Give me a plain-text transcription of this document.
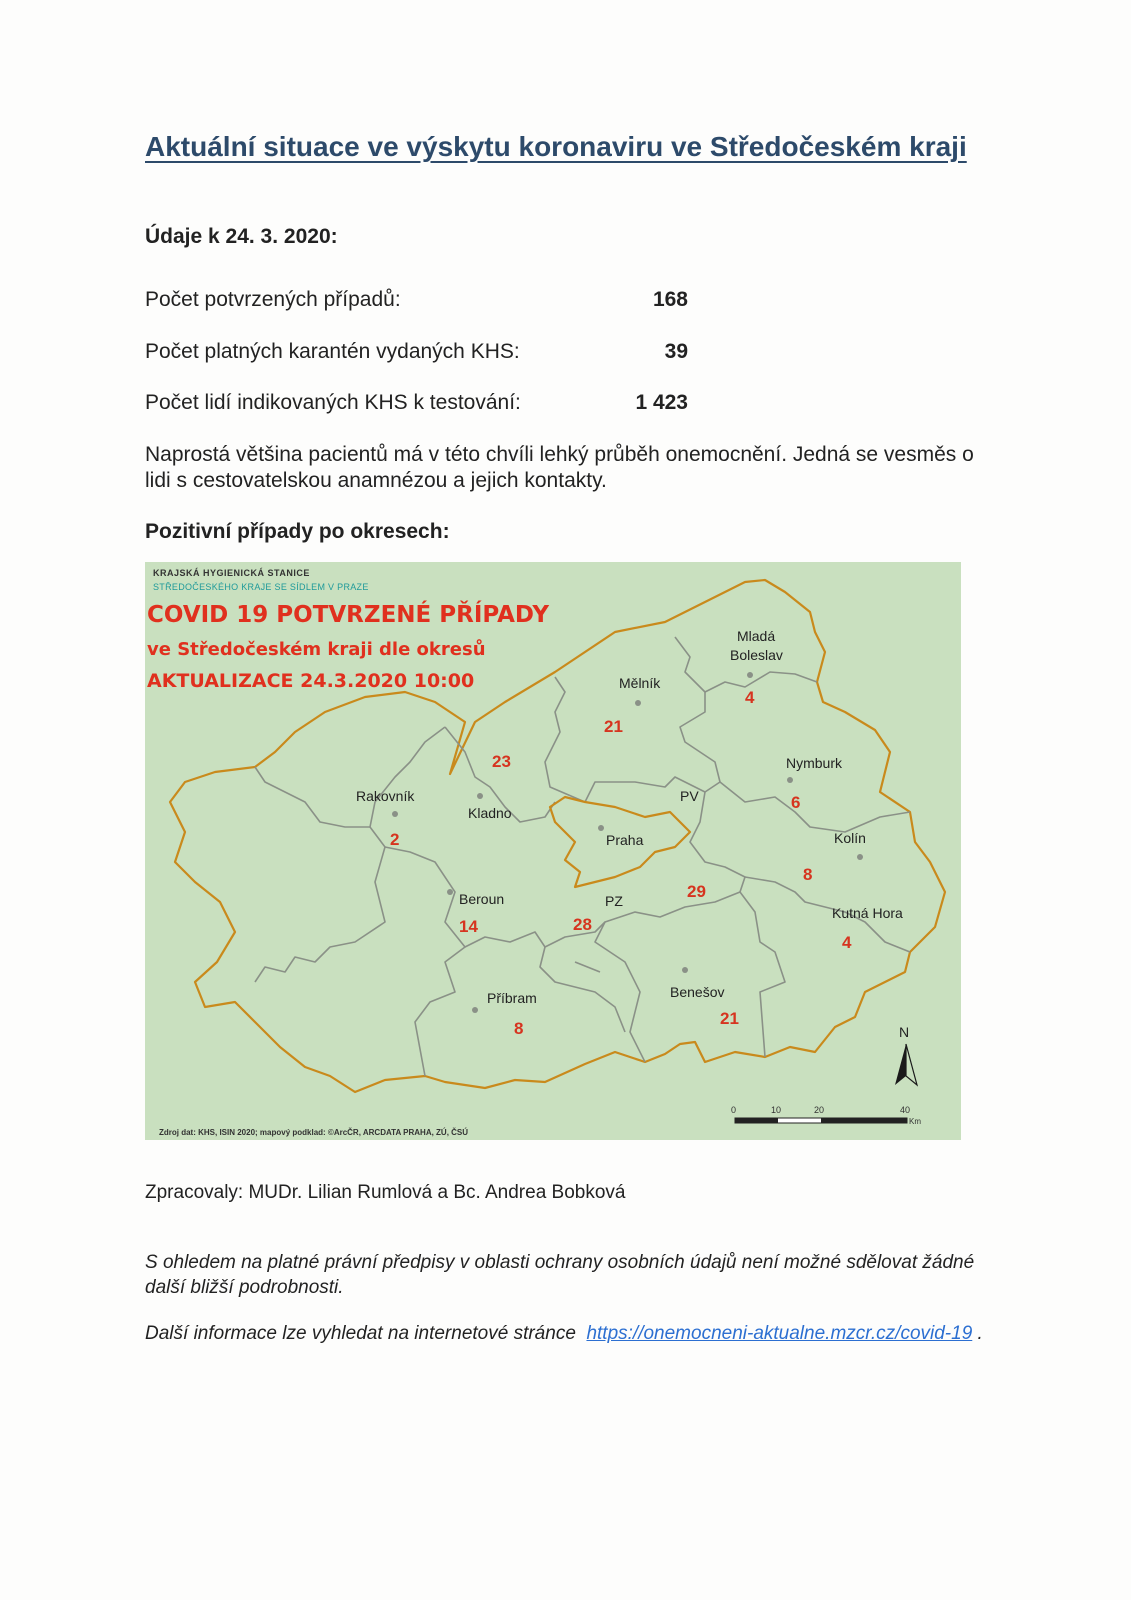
Aktuální situace ve výskytu koronaviru ve Středočeském kraji
Údaje k 24. 3. 2020:
Počet potvrzených případů:	168
Počet platných karantén vydaných KHS:	39
Počet lidí indikovaných KHS k testování:	1 423
Naprostá většina pacientů má v této chvíli lehký průběh onemocnění. Jedná se vesměs o lidi s cestovatelskou anamnézou a jejich kontakty.
Pozitivní případy po okresech:
KRAJSKÁ HYGIENICKÁ STANICE
STŘEDOČESKÉHO KRAJE SE SÍDLEM V PRAZE
COVID 19 POTVRZENÉ PŘÍPADY
ve Středočeském kraji dle okresů
AKTUALIZACE 24.3.2020 10:00
Mladá
Boleslav
4
Mělník
21
23
Kladno
Rakovník
2
Nymburk
6
PV
Praha	Kolín
8
Beroun
14
PZ
28
29
Kutná Hora
4
Příbram
8
Benešov
21
N
0	10	20	40
Km
Zdroj dat: KHS, ISIN 2020; mapový podklad: ©ArcČR, ARCDATA PRAHA, ZÚ, ČSÚ
Zpracovaly: MUDr. Lilian Rumlová a Bc. Andrea Bobková
S ohledem na platné právní předpisy v oblasti ochrany osobních údajů není možné sdělovat žádné další bližší podrobnosti.
Další informace lze vyhledat na internetové stránce https://onemocneni-aktualne.mzcr.cz/covid-19 .
